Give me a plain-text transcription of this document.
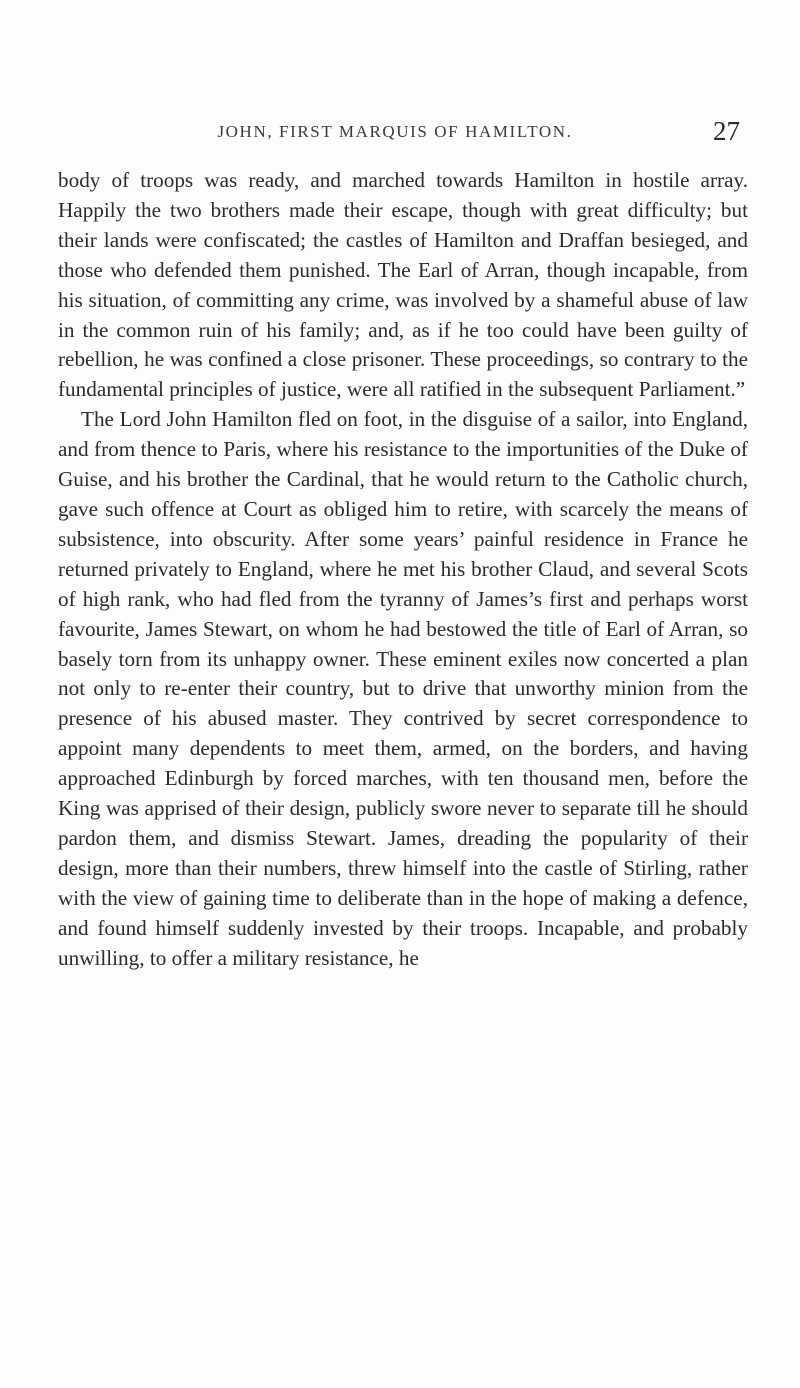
JOHN, FIRST MARQUIS OF HAMILTON.	27

body of troops was ready, and marched towards Hamilton in hostile array. Happily the two brothers made their escape, though with great difficulty; but their lands were confiscated; the castles of Hamilton and Draffan besieged, and those who defended them punished. The Earl of Arran, though incapable, from his situation, of committing any crime, was involved by a shameful abuse of law in the common ruin of his family; and, as if he too could have been guilty of rebellion, he was confined a close prisoner. These proceedings, so contrary to the fundamental principles of justice, were all ratified in the subsequent Parliament.”

The Lord John Hamilton fled on foot, in the disguise of a sailor, into England, and from thence to Paris, where his resistance to the importunities of the Duke of Guise, and his brother the Cardinal, that he would return to the Catholic church, gave such offence at Court as obliged him to retire, with scarcely the means of subsistence, into obscurity. After some years’ painful residence in France he returned privately to England, where he met his brother Claud, and several Scots of high rank, who had fled from the tyranny of James’s first and perhaps worst favourite, James Stewart, on whom he had bestowed the title of Earl of Arran, so basely torn from its unhappy owner. These eminent exiles now concerted a plan not only to re-enter their country, but to drive that unworthy minion from the presence of his abused master. They contrived by secret correspondence to appoint many dependents to meet them, armed, on the borders, and having approached Edinburgh by forced marches, with ten thousand men, before the King was apprised of their design, publicly swore never to separate till he should pardon them, and dismiss Stewart. James, dreading the popularity of their design, more than their numbers, threw himself into the castle of Stirling, rather with the view of gaining time to deliberate than in the hope of making a defence, and found himself suddenly invested by their troops. Incapable, and probably unwilling, to offer a military resistance, he
